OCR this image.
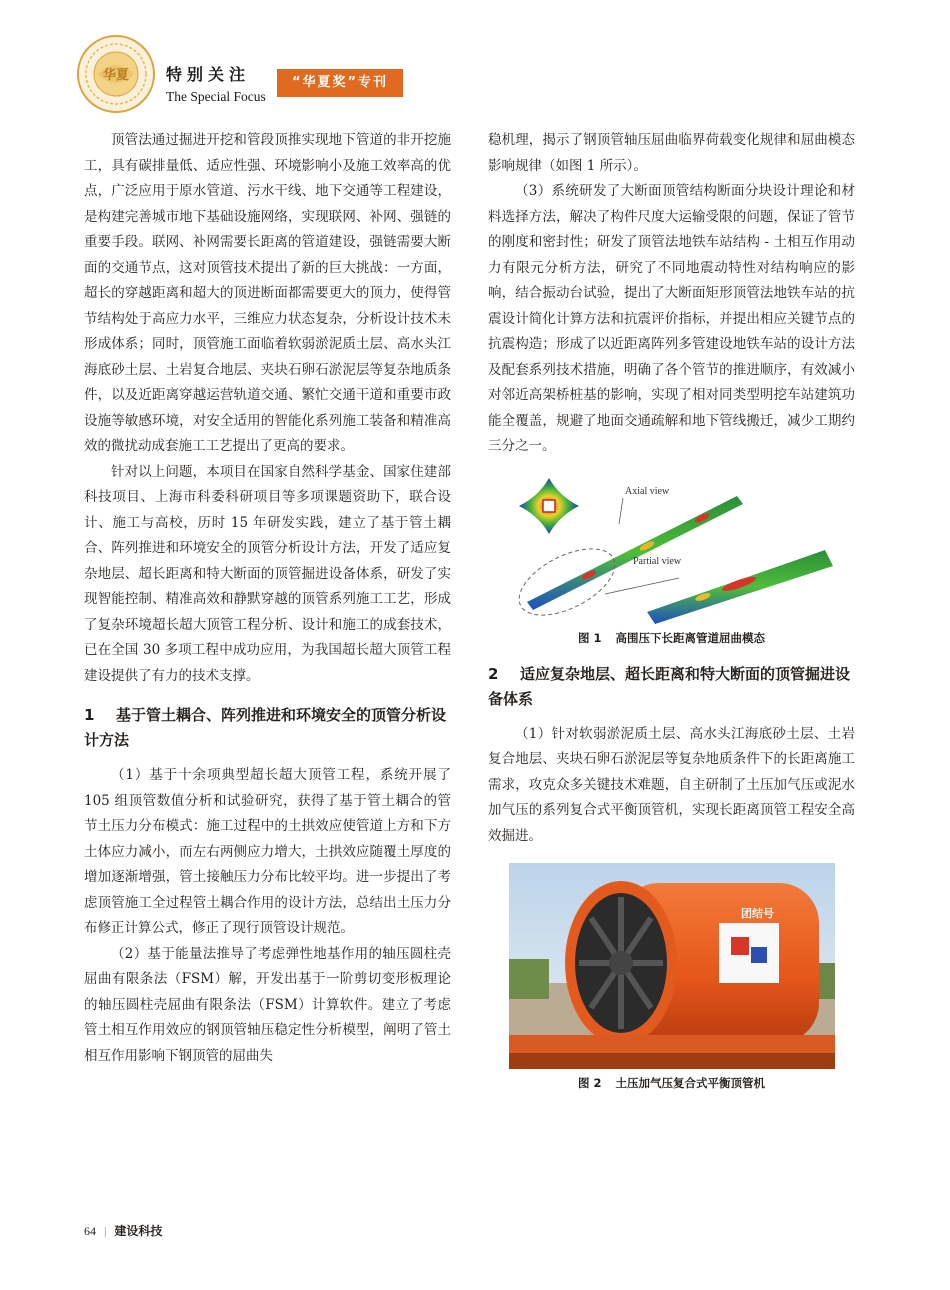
华夏 特别关注
The Special Focus
“华夏奖”专刊

顶管法通过掘进开挖和管段顶推实现地下管道的非开挖施工，具有碳排量低、适应性强、环境影响小及施工效率高的优点，广泛应用于原水管道、污水干线、地下交通等工程建设，是构建完善城市地下基础设施网络，实现联网、补网、强链的重要手段。联网、补网需要长距离的管道建设，强链需要大断面的交通节点，这对顶管技术提出了新的巨大挑战：一方面，超长的穿越距离和超大的顶进断面都需要更大的顶力，使得管节结构处于高应力水平，三维应力状态复杂，分析设计技术未形成体系；同时，顶管施工面临着软弱淤泥质土层、高水头江海底砂土层、土岩复合地层、夹块石卵石淤泥层等复杂地质条件，以及近距离穿越运营轨道交通、繁忙交通干道和重要市政设施等敏感环境，对安全适用的智能化系列施工装备和精准高效的微扰动成套施工工艺提出了更高的要求。

针对以上问题，本项目在国家自然科学基金、国家住建部科技项目、上海市科委科研项目等多项课题资助下，联合设计、施工与高校，历时 15 年研发实践，建立了基于管土耦合、阵列推进和环境安全的顶管分析设计方法，开发了适应复杂地层、超长距离和特大断面的顶管掘进设备体系，研发了实现智能控制、精准高效和静默穿越的顶管系列施工工艺，形成了复杂环境超长超大顶管工程分析、设计和施工的成套技术，已在全国 30 多项工程中成功应用，为我国超长超大顶管工程建设提供了有力的技术支撑。

1 基于管土耦合、阵列推进和环境安全的顶管分析设计方法

（1）基于十余项典型超长超大顶管工程，系统开展了 105 组顶管数值分析和试验研究，获得了基于管土耦合的管节土压力分布模式：施工过程中的土拱效应使管道上方和下方土体应力减小，而左右两侧应力增大，土拱效应随覆土厚度的增加逐渐增强，管土接触压力分布比较平均。进一步提出了考虑顶管施工全过程管土耦合作用的设计方法，总结出土压力分布修正计算公式，修正了现行顶管设计规范。

（2）基于能量法推导了考虑弹性地基作用的轴压圆柱壳屈曲有限条法（FSM）解，开发出基于一阶剪切变形板理论的轴压圆柱壳屈曲有限条法（FSM）计算软件。建立了考虑管土相互作用效应的钢顶管轴压稳定性分析模型，阐明了管土相互作用影响下钢顶管的屈曲失

稳机理，揭示了钢顶管轴压屈曲临界荷载变化规律和屈曲模态影响规律（如图 1 所示）。

（3）系统研发了大断面顶管结构断面分块设计理论和材料选择方法，解决了构件尺度大运输受限的问题，保证了管节的刚度和密封性；研发了顶管法地铁车站结构 - 土相互作用动力有限元分析方法，研究了不同地震动特性对结构响应的影响，结合振动台试验，提出了大断面矩形顶管法地铁车站的抗震设计简化计算方法和抗震评价指标，并提出相应关键节点的抗震构造；形成了以近距离阵列多管建设地铁车站的设计方法及配套系列技术措施，明确了各个管节的推进顺序，有效减小对邻近高架桥桩基的影响，实现了相对同类型明挖车站建筑功能全覆盖，规避了地面交通疏解和地下管线搬迁，减少工期约三分之一。

Axial view
Partial view
图 1 高围压下长距离管道屈曲模态
2 适应复杂地层、超长距离和特大断面的顶管掘进设备体系

（1）针对软弱淤泥质土层、高水头江海底砂土层、土岩复合地层、夹块石卵石淤泥层等复杂地质条件下的长距离施工需求，攻克众多关键技术难题，自主研制了土压加气压或泥水加气压的系列复合式平衡顶管机，实现长距离顶管工程安全高效掘进。

团结号
图 2 土压加气压复合式平衡顶管机
64 | 建设科技
